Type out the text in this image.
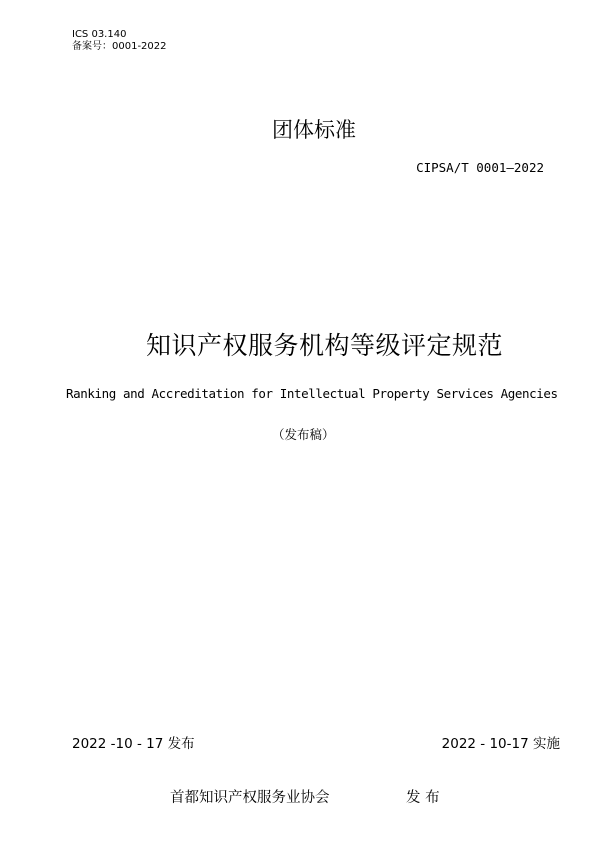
ICS 03.140
备案号：0001-2022
团体标准
CIPSA/T 0001—2022
知识产权服务机构等级评定规范
Ranking and Accreditation for Intellectual Property Services Agencies
（发布稿）
2022 -10 - 17 发布	2022 - 10-17 实施
首都知识产权服务业协会	发 布
